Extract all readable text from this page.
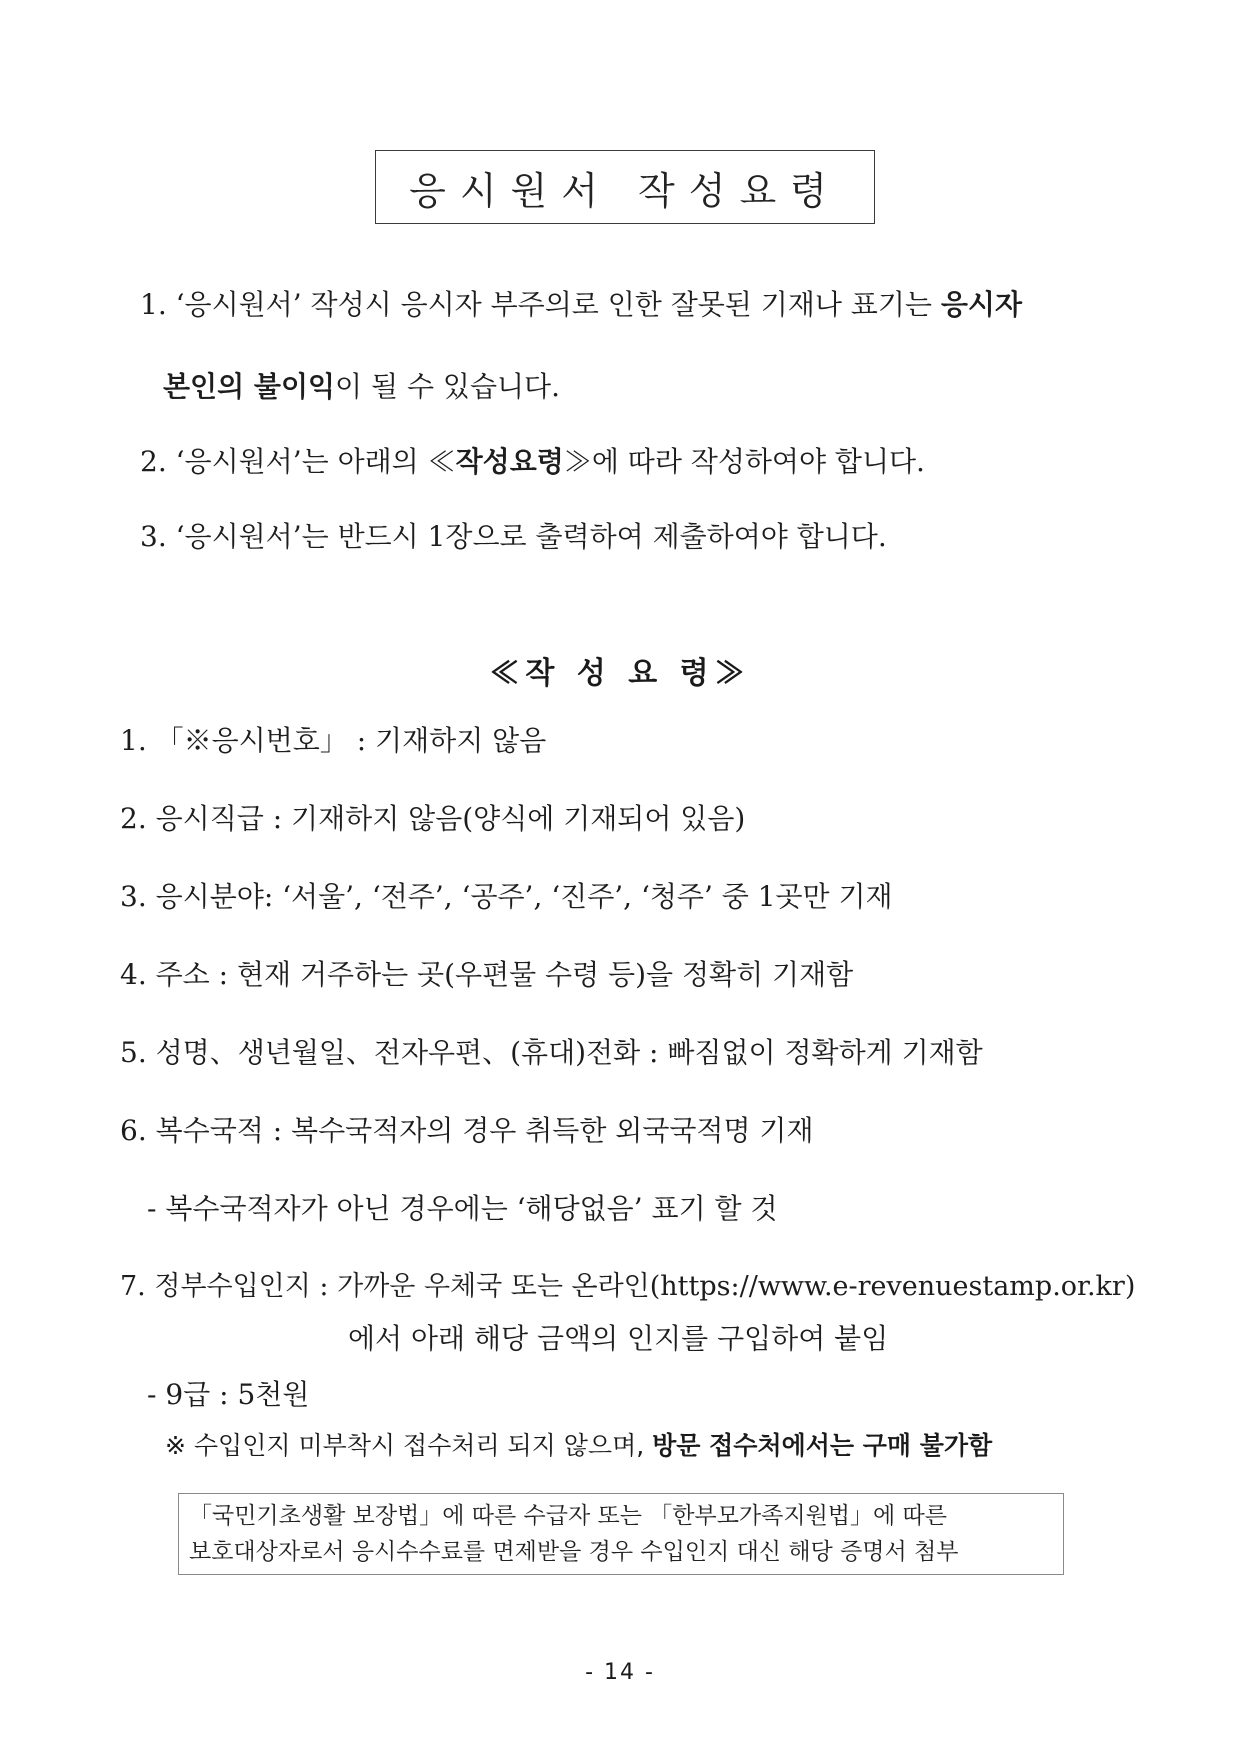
응시원서 작성요령
1. ‘응시원서’ 작성시 응시자 부주의로 인한 잘못된 기재나 표기는 응시자
본인의 불이익이 될 수 있습니다.
2. ‘응시원서’는 아래의 ≪작성요령≫에 따라 작성하여야 합니다.
3. ‘응시원서’는 반드시 1장으로 출력하여 제출하여야 합니다.
≪작 성 요 령≫
1. 「※응시번호」 : 기재하지 않음
2. 응시직급 : 기재하지 않음(양식에 기재되어 있음)
3. 응시분야: ‘서울’, ‘전주’, ‘공주’, ‘진주’, ‘청주’ 중 1곳만 기재
4. 주소 : 현재 거주하는 곳(우편물 수령 등)을 정확히 기재함
5. 성명、생년월일、전자우편、(휴대)전화 : 빠짐없이 정확하게 기재함
6. 복수국적 : 복수국적자의 경우 취득한 외국국적명 기재
- 복수국적자가 아닌 경우에는 ‘해당없음’ 표기 할 것
7. 정부수입인지 : 가까운 우체국 또는 온라인(https://www.e-revenuestamp.or.kr)
에서 아래 해당 금액의 인지를 구입하여 붙임
- 9급 : 5천원
※ 수입인지 미부착시 접수처리 되지 않으며, 방문 접수처에서는 구매 불가함
「국민기초생활 보장법」에 따른 수급자 또는 「한부모가족지원법」에 따른
보호대상자로서 응시수수료를 면제받을 경우 수입인지 대신 해당 증명서 첨부
- 14 -
